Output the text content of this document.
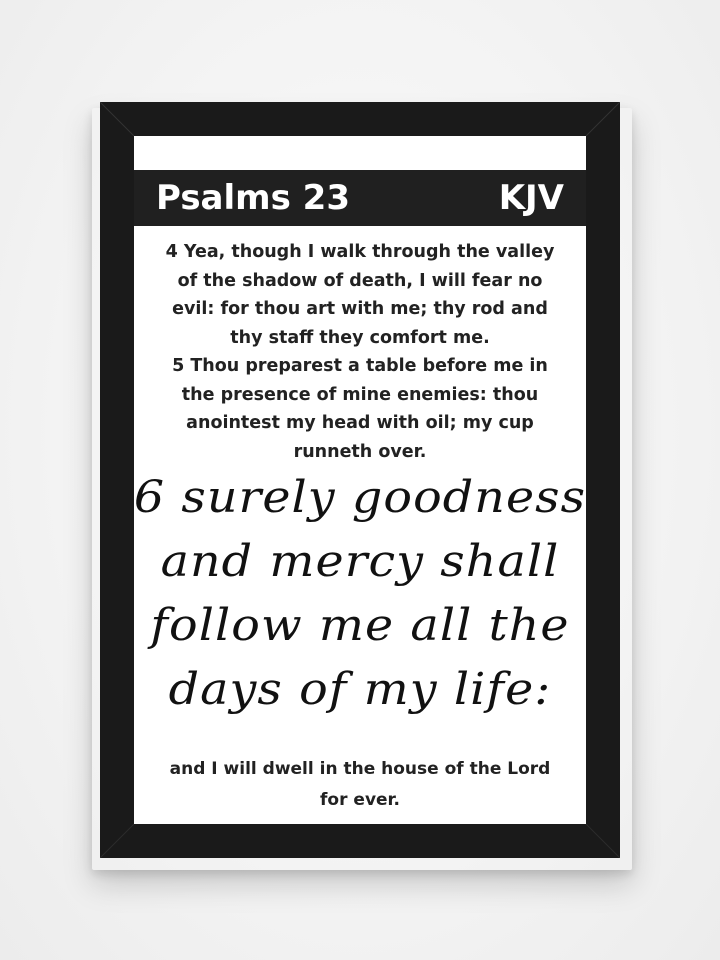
Psalms 23	KJV

4 Yea, though I walk through the valley

of the shadow of death, I will fear no

evil: for thou art with me; thy rod and

thy staff they comfort me.

5 Thou preparest a table before me in

the presence of mine enemies: thou

anointest my head with oil; my cup

runneth over.

6 surely goodness

and mercy shall

follow me all the

days of my life:

and I will dwell in the house of the Lord

for ever.
